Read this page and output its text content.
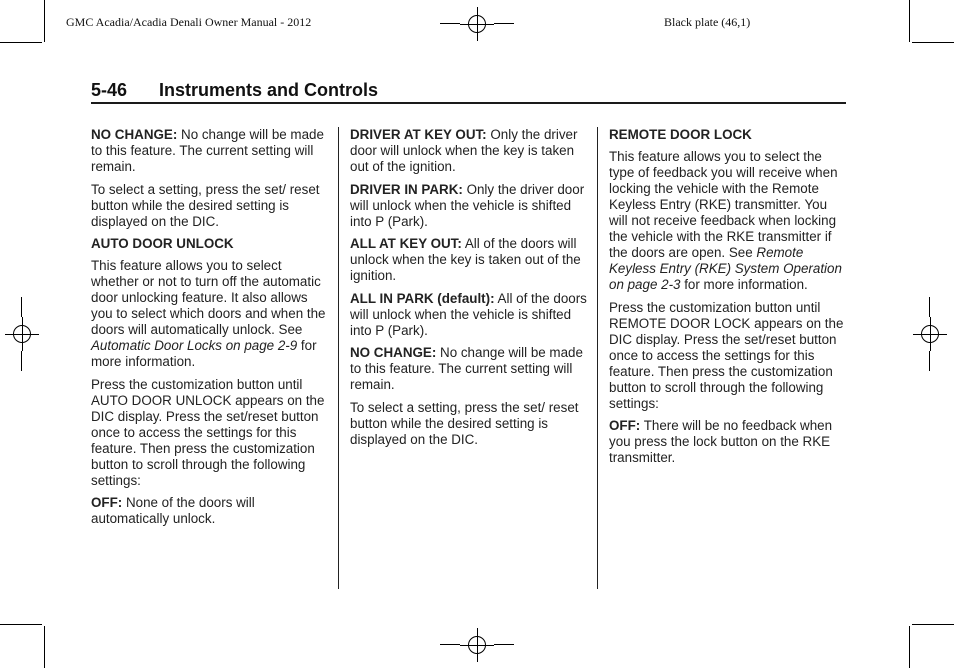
GMC Acadia/Acadia Denali Owner Manual - 2012	Black plate (46,1)
5-46 Instruments and Controls

NO CHANGE: No change will be made to this feature. The current setting will remain.

To select a setting, press the set/ reset button while the desired setting is displayed on the DIC.

AUTO DOOR UNLOCK

This feature allows you to select whether or not to turn off the automatic door unlocking feature. It also allows you to select which doors and when the doors will automatically unlock. See Automatic Door Locks on page 2-9 for more information.

Press the customization button until AUTO DOOR UNLOCK appears on the DIC display. Press the set/reset button once to access the settings for this feature. Then press the customization button to scroll through the following settings:

OFF: None of the doors will automatically unlock.

DRIVER AT KEY OUT: Only the driver door will unlock when the key is taken out of the ignition.

DRIVER IN PARK: Only the driver door will unlock when the vehicle is shifted into P (Park).

ALL AT KEY OUT: All of the doors will unlock when the key is taken out of the ignition.

ALL IN PARK (default): All of the doors will unlock when the vehicle is shifted into P (Park).

NO CHANGE: No change will be made to this feature. The current setting will remain.

To select a setting, press the set/ reset button while the desired setting is displayed on the DIC.

REMOTE DOOR LOCK

This feature allows you to select the type of feedback you will receive when locking the vehicle with the Remote Keyless Entry (RKE) transmitter. You will not receive feedback when locking the vehicle with the RKE transmitter if the doors are open. See Remote Keyless Entry (RKE) System Operation on page 2-3 for more information.

Press the customization button until REMOTE DOOR LOCK appears on the DIC display. Press the set/reset button once to access the settings for this feature. Then press the customization button to scroll through the following settings:

OFF: There will be no feedback when you press the lock button on the RKE transmitter.
